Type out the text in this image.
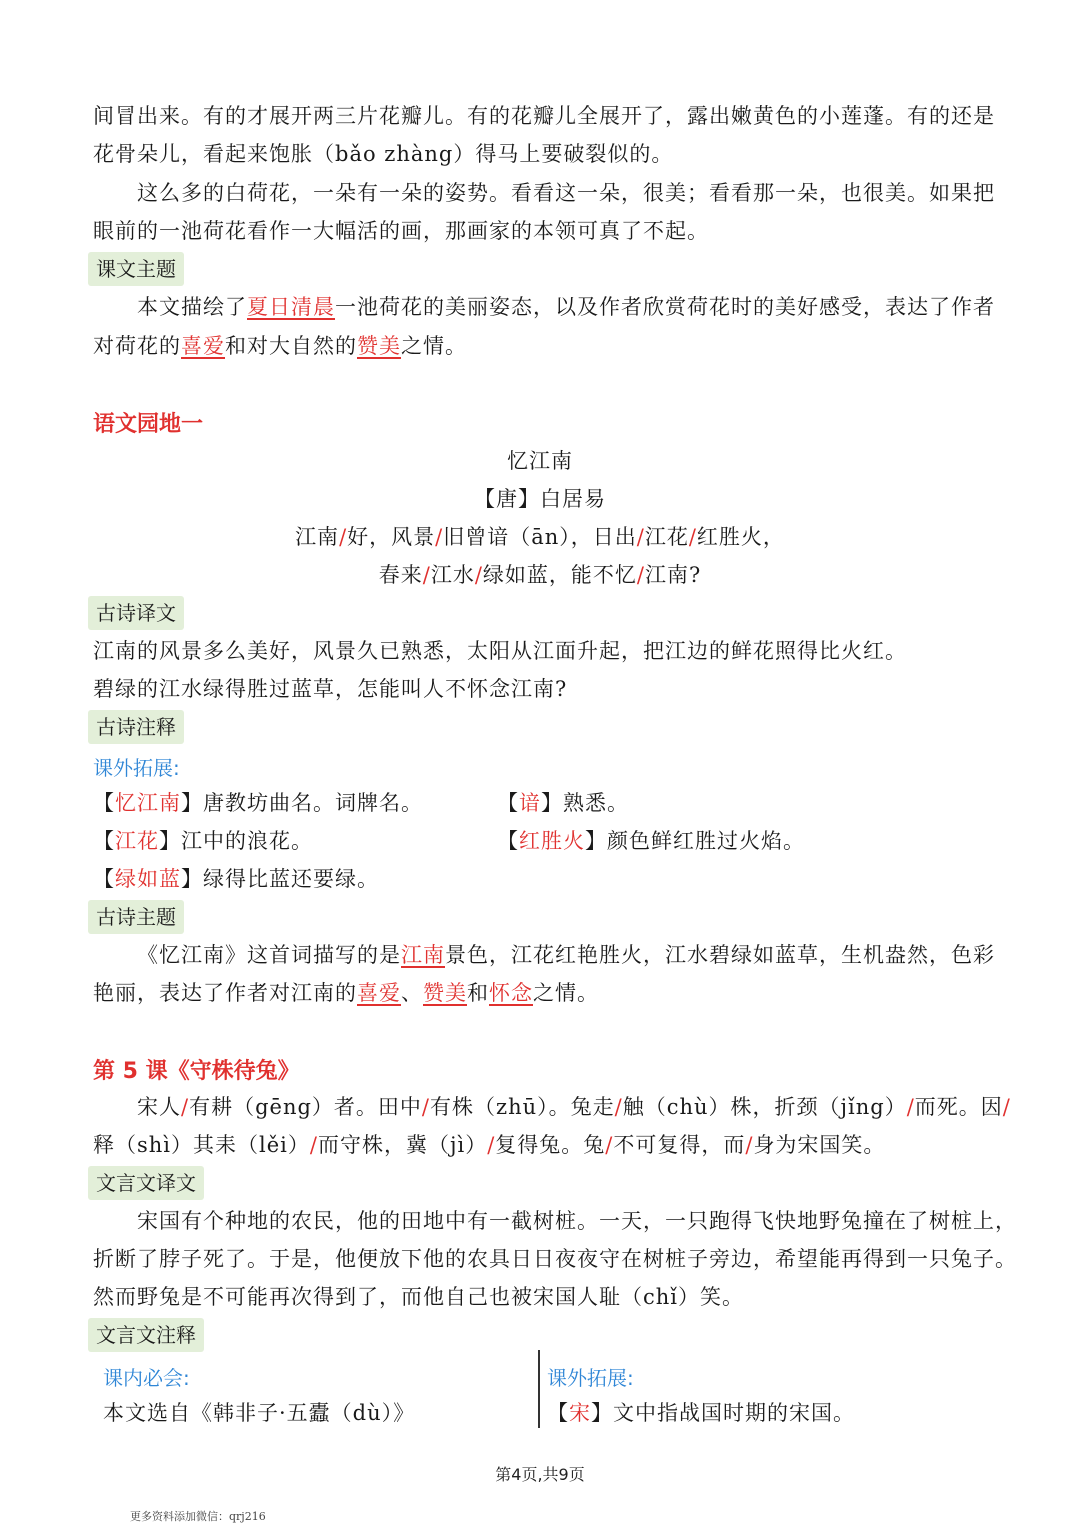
间冒出来。有的才展开两三片花瓣儿。有的花瓣儿全展开了，露出嫩黄色的小莲蓬。有的还是
花骨朵儿，看起来饱胀（bǎo zhàng）得马上要破裂似的。
这么多的白荷花，一朵有一朵的姿势。看看这一朵，很美；看看那一朵，也很美。如果把
眼前的一池荷花看作一大幅活的画，那画家的本领可真了不起。
课文主题
本文描绘了夏日清晨一池荷花的美丽姿态，以及作者欣赏荷花时的美好感受，表达了作者
对荷花的喜爱和对大自然的赞美之情。
语文园地一
忆江南
【唐】白居易
江南/好，风景/旧曾谙（ān），日出/江花/红胜火，
春来/江水/绿如蓝，能不忆/江南?
古诗译文
江南的风景多么美好，风景久已熟悉，太阳从江面升起，把江边的鲜花照得比火红。
碧绿的江水绿得胜过蓝草，怎能叫人不怀念江南?
古诗注释
课外拓展:
【忆江南】唐教坊曲名。词牌名。	【谙】熟悉。
【江花】江中的浪花。	【红胜火】颜色鲜红胜过火焰。
【绿如蓝】绿得比蓝还要绿。
古诗主题
《忆江南》这首词描写的是江南景色，江花红艳胜火，江水碧绿如蓝草，生机盎然，色彩
艳丽，表达了作者对江南的喜爱、赞美和怀念之情。
第 5 课《守株待兔》
宋人/有耕（gēng）者。田中/有株（zhū）。兔走/触（chù）株，折颈（jǐng）/而死。因/
释（shì）其耒（lěi）/而守株，冀（jì）/复得兔。兔/不可复得，而/身为宋国笑。
文言文译文
宋国有个种地的农民，他的田地中有一截树桩。一天，一只跑得飞快地野兔撞在了树桩上，
折断了脖子死了。于是，他便放下他的农具日日夜夜守在树桩子旁边，希望能再得到一只兔子。
然而野兔是不可能再次得到了，而他自己也被宋国人耻（chǐ）笑。
文言文注释
课内必会:
本文选自《韩非子·五蠹（dù）》
课外拓展:
【宋】文中指战国时期的宋国。
第4页,共9页
更多资料添加微信：qrj216
